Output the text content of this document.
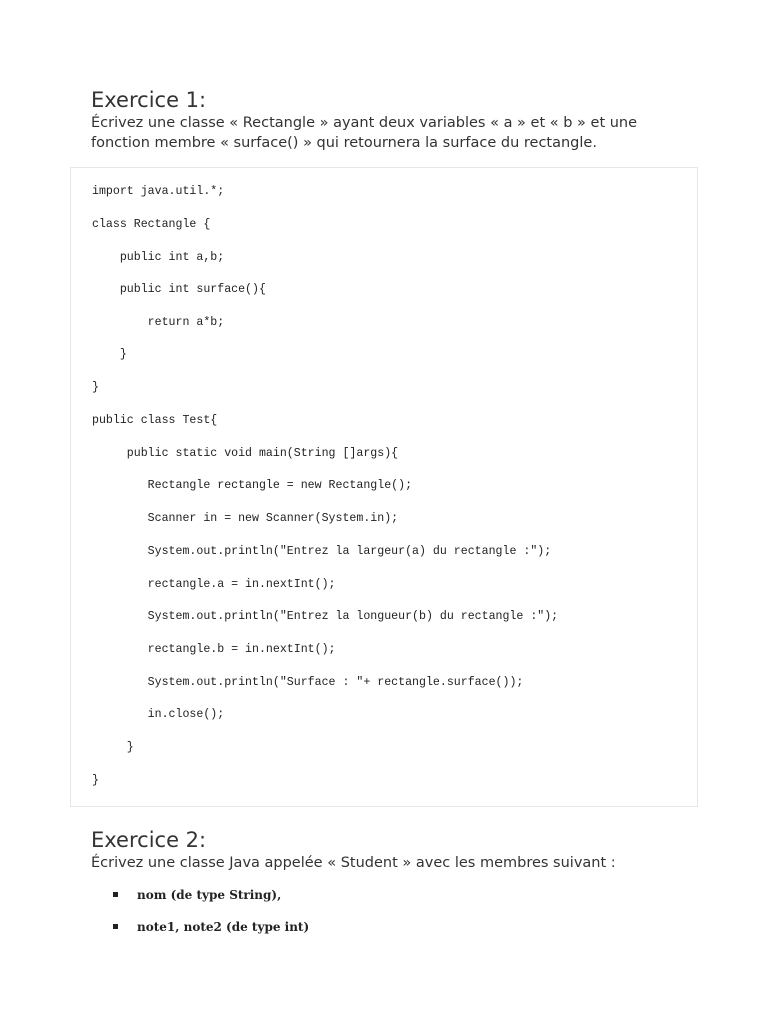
Exercice 1:

Écrivez une classe « Rectangle » ayant deux variables « a » et « b » et une fonction membre « surface() » qui retournera la surface du rectangle.

import java.util.*;
class Rectangle {
public int a,b;
public int surface(){
return a*b;
}
}
public class Test{
public static void main(String []args){
Rectangle rectangle = new Rectangle();
Scanner in = new Scanner(System.in);
System.out.println("Entrez la largeur(a) du rectangle :");
rectangle.a = in.nextInt();
System.out.println("Entrez la longueur(b) du rectangle :");
rectangle.b = in.nextInt();
System.out.println("Surface : "+ rectangle.surface());
in.close();
}
}
Exercice 2:

Écrivez une classe Java appelée « Student » avec les membres suivant :

nom (de type String),
note1, note2 (de type int)
